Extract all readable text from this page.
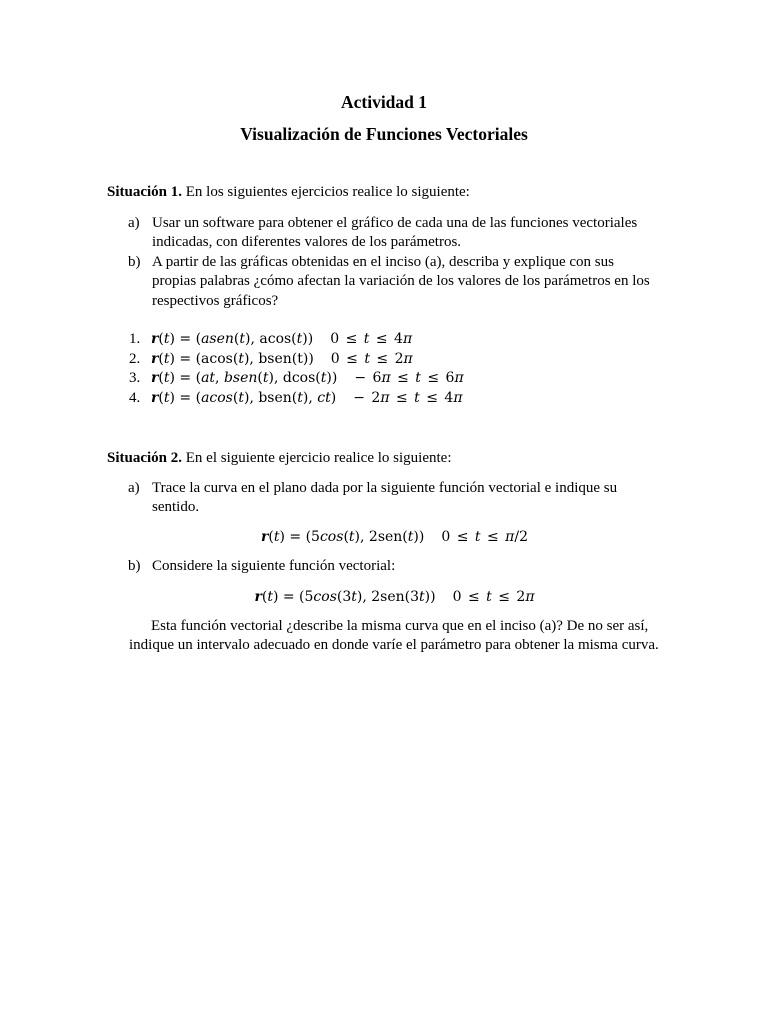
Actividad 1
Visualización de Funciones Vectoriales
Situación 1. En los siguientes ejercicios realice lo siguiente:
a) Usar un software para obtener el gráfico de cada una de las funciones vectoriales
indicadas, con diferentes valores de los parámetros.
b) A partir de las gráficas obtenidas en el inciso (a), describa y explique con sus
propias palabras ¿cómo afectan la variación de los valores de los parámetros en los
respectivos gráficos?
1. r(t) = (asen(t), acos(t)) 0 ≤ t ≤ 4π
2. r(t) = (acos(t), bsen(t)) 0 ≤ t ≤ 2π
3. r(t) = (at, bsen(t), dcos(t)) − 6π ≤ t ≤ 6π
4. r(t) = (acos(t), bsen(t), ct) − 2π ≤ t ≤ 4π
Situación 2. En el siguiente ejercicio realice lo siguiente:
a) Trace la curva en el plano dada por la siguiente función vectorial e indique su
sentido.
r(t) = (5cos(t), 2sen(t)) 0 ≤ t ≤ π/2
b) Considere la siguiente función vectorial:
r(t) = (5cos(3t), 2sen(3t)) 0 ≤ t ≤ 2π
Esta función vectorial ¿describe la misma curva que en el inciso (a)? De no ser así,
indique un intervalo adecuado en donde varíe el parámetro para obtener la misma curva.
